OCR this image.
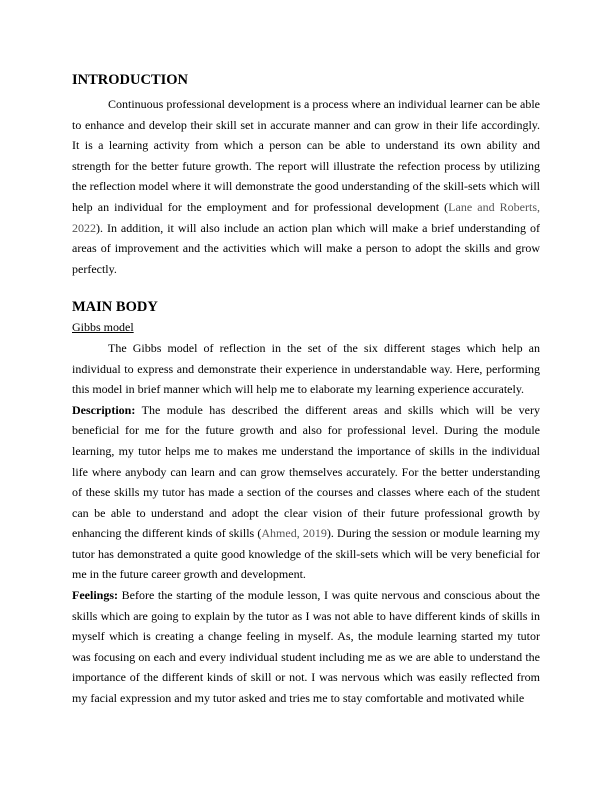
INTRODUCTION

Continuous professional development is a process where an individual learner can be able to enhance and develop their skill set in accurate manner and can grow in their life accordingly. It is a learning activity from which a person can be able to understand its own ability and strength for the better future growth. The report will illustrate the refection process by utilizing the reflection model where it will demonstrate the good understanding of the skill-sets which will help an individual for the employment and for professional development (Lane and Roberts, 2022). In addition, it will also include an action plan which will make a brief understanding of areas of improvement and the activities which will make a person to adopt the skills and grow perfectly.

MAIN BODY
Gibbs model

The Gibbs model of reflection in the set of the six different stages which help an individual to express and demonstrate their experience in understandable way. Here, performing this model in brief manner which will help me to elaborate my learning experience accurately.

Description: The module has described the different areas and skills which will be very beneficial for me for the future growth and also for professional level. During the module learning, my tutor helps me to makes me understand the importance of skills in the individual life where anybody can learn and can grow themselves accurately. For the better understanding of these skills my tutor has made a section of the courses and classes where each of the student can be able to understand and adopt the clear vision of their future professional growth by enhancing the different kinds of skills (Ahmed, 2019). During the session or module learning my tutor has demonstrated a quite good knowledge of the skill-sets which will be very beneficial for me in the future career growth and development.

Feelings: Before the starting of the module lesson, I was quite nervous and conscious about the skills which are going to explain by the tutor as I was not able to have different kinds of skills in myself which is creating a change feeling in myself. As, the module learning started my tutor was focusing on each and every individual student including me as we are able to understand the importance of the different kinds of skill or not. I was nervous which was easily reflected from my facial expression and my tutor asked and tries me to stay comfortable and motivated while
